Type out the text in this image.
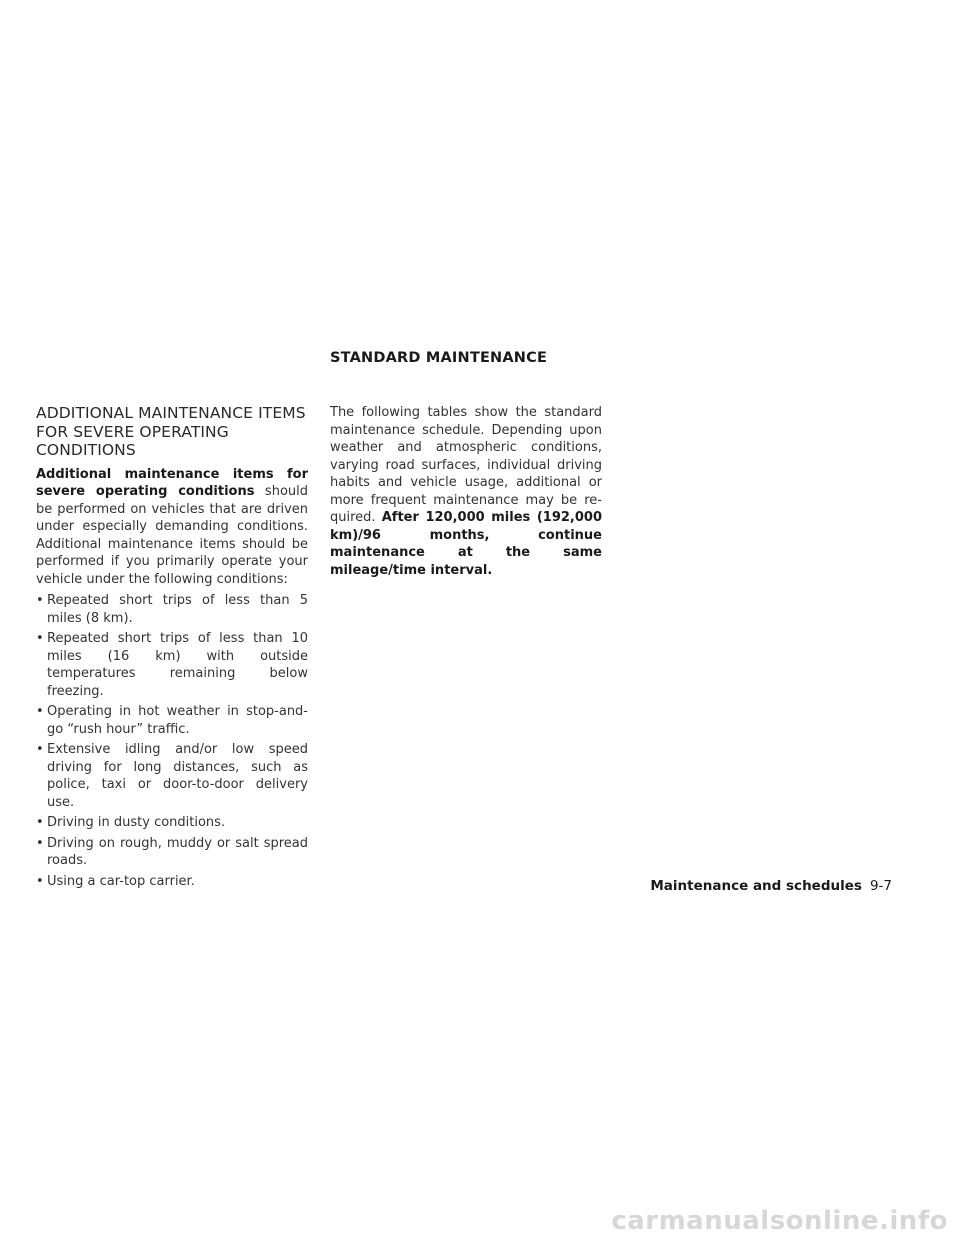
STANDARD MAINTENANCE
ADDITIONAL MAINTENANCE ITEMS FOR SEVERE OPERATING CONDITIONS

Additional maintenance items for severe operating conditions should be performed on vehicles that are driven under especially demanding conditions. Additional maintenance items should be performed if you primarily operate your vehicle under the following conditions:

• Repeated short trips of less than 5 miles (8 km).
• Repeated short trips of less than 10 miles (16 km) with outside temperatures remaining below freezing.
• Operating in hot weather in stop-and-go “rush hour” traffic.
• Extensive idling and/or low speed driving for long distances, such as police, taxi or door-to-door delivery use.
• Driving in dusty conditions.
• Driving on rough, muddy or salt spread roads.
• Using a car-top carrier.

The following tables show the standard maintenance schedule. Depending upon weather and atmospheric conditions, varying road surfaces, individual driving habits and vehicle usage, additional or more frequent maintenance may be required. After 120,000 miles (192,000 km)/96 months, continue maintenance at the same mileage/time interval.

Maintenance and schedules 9-7
carmanualsonline.info
